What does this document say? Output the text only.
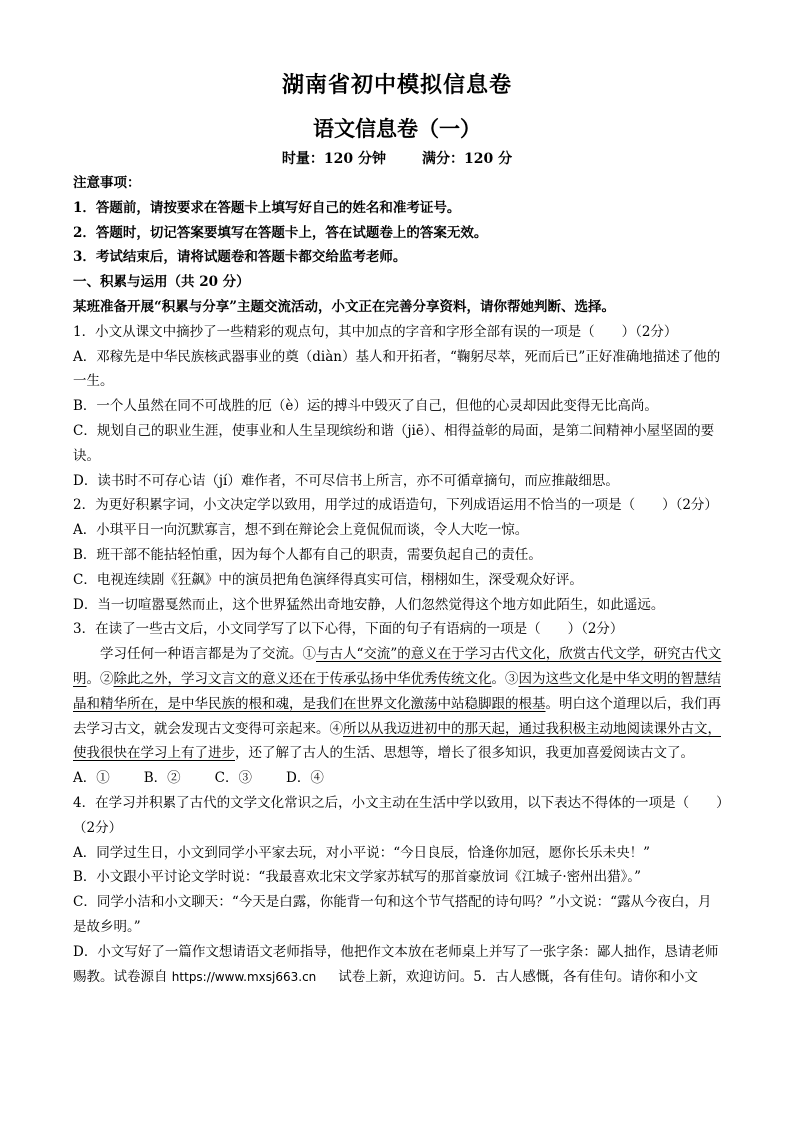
湖南省初中模拟信息卷
语文信息卷（一）
时量：120 分钟	满分：120 分

注意事项：

1．答题前，请按要求在答题卡上填写好自己的姓名和准考证号。

2．答题时，切记答案要填写在答题卡上，答在试题卷上的答案无效。

3．考试结束后，请将试题卷和答题卡都交给监考老师。

一、积累与运用（共 20 分）

某班准备开展“积累与分享”主题交流活动，小文正在完善分享资料，请你帮她判断、选择。

1．小文从课文中摘抄了一些精彩的观点句，其中加点的字音和字形全部有误的一项是（　　）（2分）

A．邓稼先是中华民族核武器事业的奠（diàn）基人和开拓者，“鞠躬尽萃，死而后已”正好准确地描述了他的一生。

B．一个人虽然在同不可战胜的厄（è）运的搏斗中毁灭了自己，但他的心灵却因此变得无比高尚。

C．规划自己的职业生涯，使事业和人生呈现缤纷和谐（jiē）、相得益彰的局面，是第二间精神小屋坚固的要诀。

D．读书时不可存心诘（jí）难作者，不可尽信书上所言，亦不可循章摘句，而应推敲细思。

2．为更好积累字词，小文决定学以致用，用学过的成语造句，下列成语运用不恰当的一项是（　　）（2分）

A．小琪平日一向沉默寡言，想不到在辩论会上竟侃侃而谈，令人大吃一惊。

B．班干部不能拈轻怕重，因为每个人都有自己的职责，需要负起自己的责任。

C．电视连续剧《狂飙》中的演员把角色演绎得真实可信，栩栩如生，深受观众好评。

D．当一切喧嚣戛然而止，这个世界猛然出奇地安静，人们忽然觉得这个地方如此陌生，如此遥远。

3．在读了一些古文后，小文同学写了以下心得，下面的句子有语病的一项是（　　）（2分）

学习任何一种语言都是为了交流。①与古人“交流”的意义在于学习古代文化，欣赏古代文学，研究古代文明。②除此之外，学习文言文的意义还在于传承弘扬中华优秀传统文化。③因为这些文化是中华文明的智慧结晶和精华所在，是中华民族的根和魂，是我们在世界文化激荡中站稳脚跟的根基。明白这个道理以后，我们再去学习古文，就会发现古文变得可亲起来。④所以从我迈进初中的那天起，通过我积极主动地阅读课外古文，使我很快在学习上有了进步，还了解了古人的生活、思想等，增长了很多知识，我更加喜爱阅读古文了。

A．①	B．②	C．③	D．④

4．在学习并积累了古代的文学文化常识之后，小文主动在生活中学以致用，以下表达不得体的一项是（　　）（2分）

A．同学过生日，小文到同学小平家去玩，对小平说：“今日良辰，恰逢你加冠，愿你长乐未央！”

B．小文跟小平讨论文学时说：“我最喜欢北宋文学家苏轼写的那首豪放词《江城子·密州出猎》。”

C．同学小洁和小文聊天：“今天是白露，你能背一句和这个节气搭配的诗句吗？”小文说：“露从今夜白，月是故乡明。”

D．小文写好了一篇作文想请语文老师指导，他把作文本放在老师桌上并写了一张字条：鄙人拙作，恳请老师赐教。试卷源自 https://www.mxsj663.cn 试卷上新，欢迎访问。5．古人感慨，各有佳句。请你和小文
